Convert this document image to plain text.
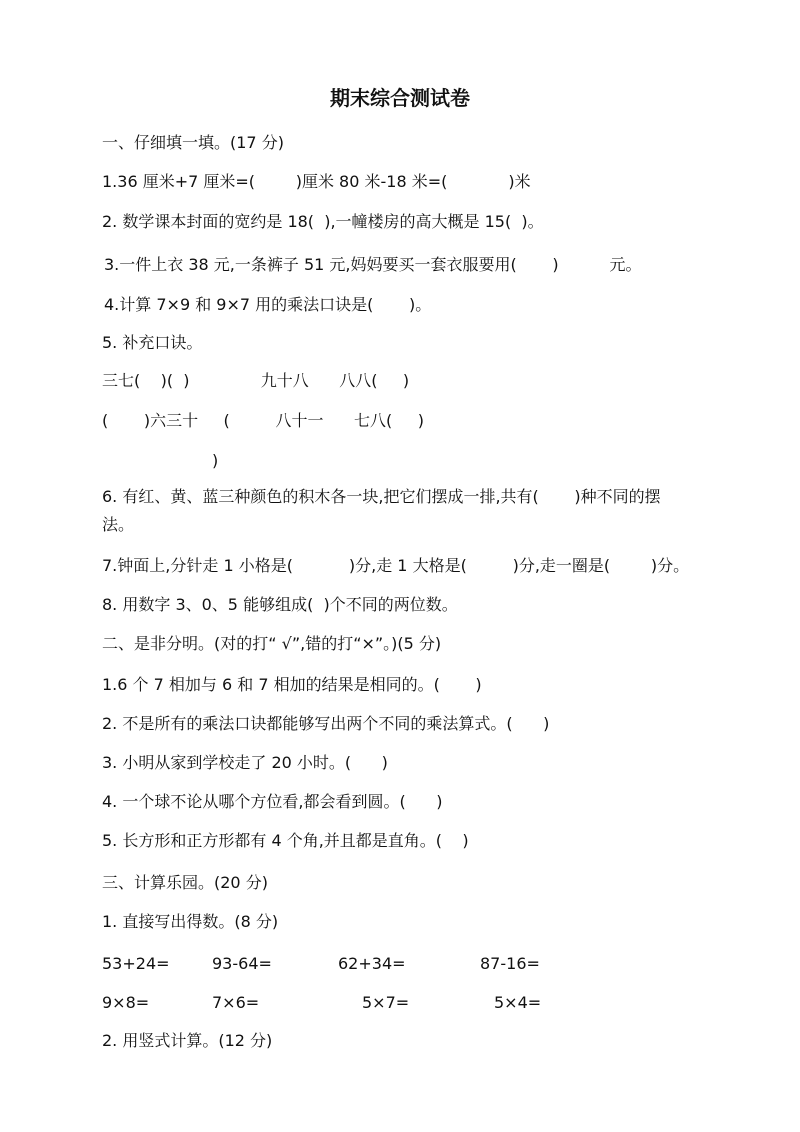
期末综合测试卷

一、仔细填一填。(17 分)

1.36 厘米+7 厘米=(        )厘米 80 米-18 米=(            )米

2. 数学课本封面的宽约是 18(  ),一幢楼房的高大概是 15(  )。

3.一件上衣 38 元,一条裤子 51 元,妈妈要买一套衣服要用(       )          元。

4.计算 7×9 和 9×7 用的乘法口诀是(       )。

5. 补充口诀。

三七(    )(  )              九十八      八八(     )

(       )六三十     (         八十一      七八(     )

)

6. 有红、黄、蓝三种颜色的积木各一块,把它们摆成一排,共有(       )种不同的摆

法。

7.钟面上,分针走 1 小格是(           )分,走 1 大格是(         )分,走一圈是(        )分。

8. 用数字 3、0、5 能够组成(  )个不同的两位数。

二、是非分明。(对的打“ √”,错的打“×”。)(5 分)

1.6 个 7 相加与 6 和 7 相加的结果是相同的。(       )

2. 不是所有的乘法口诀都能够写出两个不同的乘法算式。(      )

3. 小明从家到学校走了 20 小时。(      )

4. 一个球不论从哪个方位看,都会看到圆。(      )

5. 长方形和正方形都有 4 个角,并且都是直角。(    )

三、计算乐园。(20 分)

1. 直接写出得数。(8 分)

53+24=	93-64=	62+34=	87-16=

9×8=	7×6=	5×7=	5×4=

2. 用竖式计算。(12 分)
